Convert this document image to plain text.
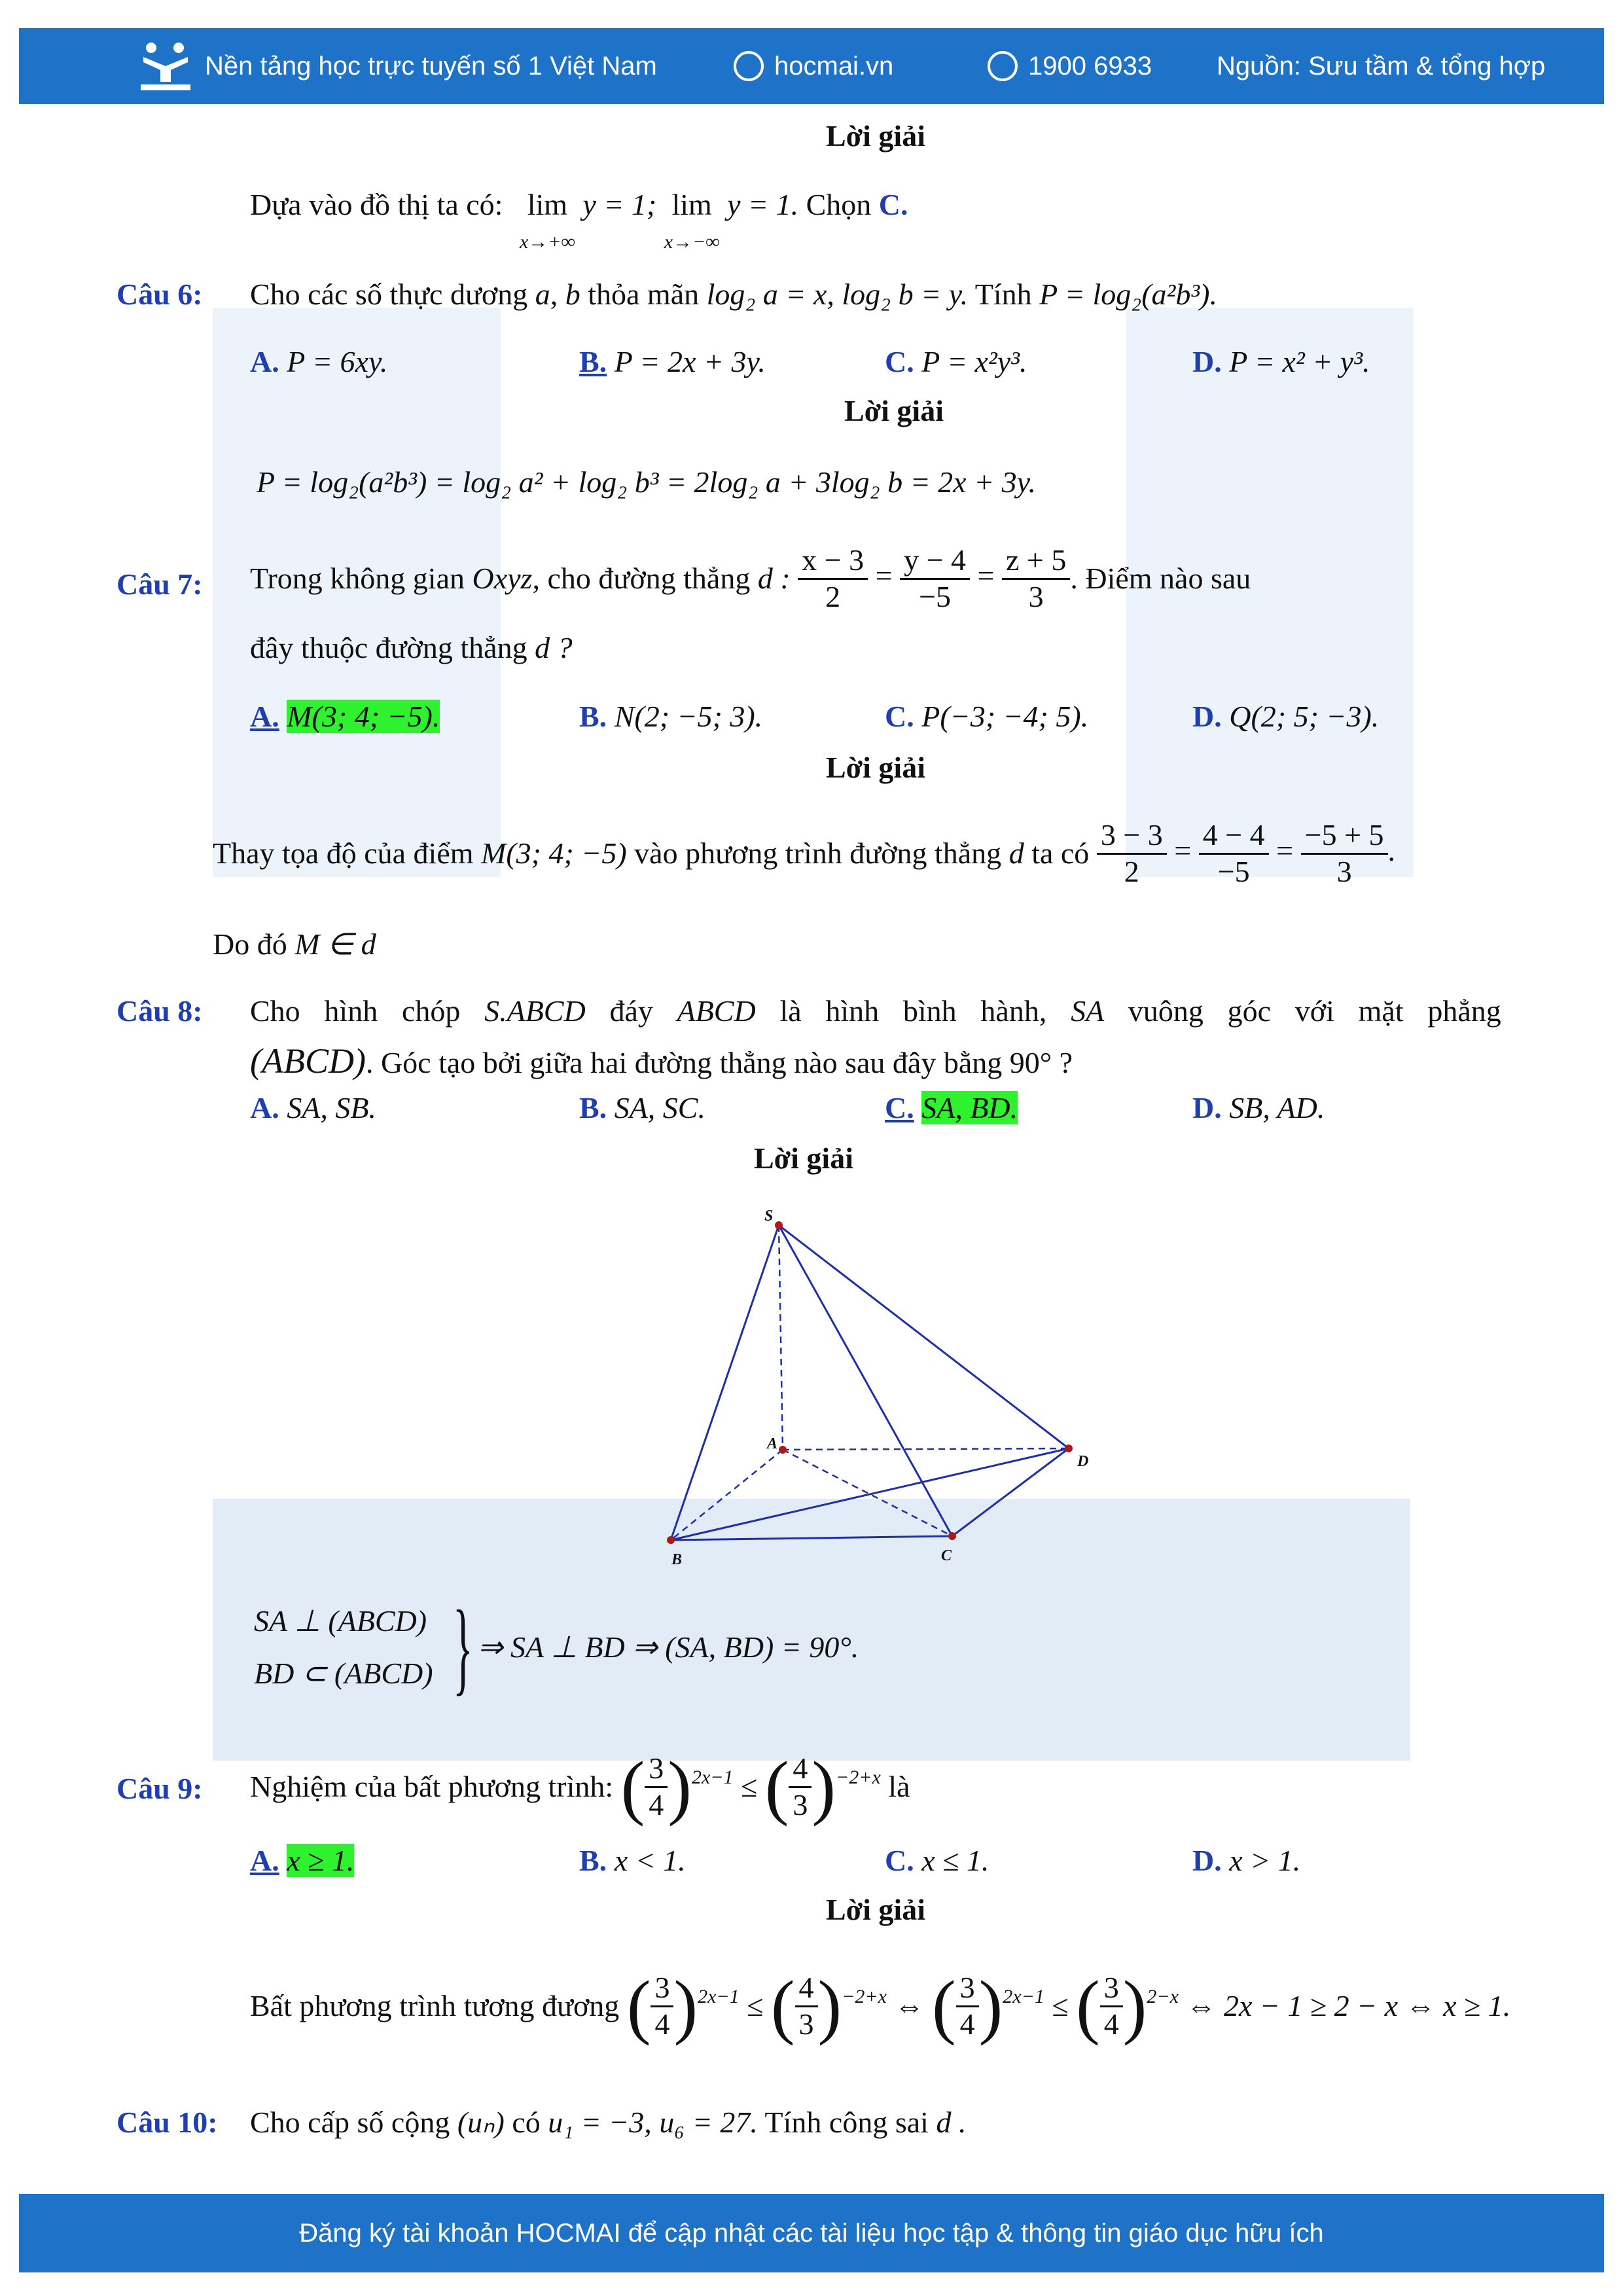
Nền tảng học trực tuyến số 1 Việt Nam	hocmai.vn	1900 6933 Nguồn: Sưu tầm & tổng hợp
Lời giải
Dựa vào đồ thị ta có: lim
x→+∞ y = 1; lim
x→−∞ y = 1. Chọn C.
Câu 6: Cho các số thực dương a, b thỏa mãn log₂ a = x, log₂ b = y. Tính P = log₂(a²b³).
A. P = 6xy.	B. P = 2x + 3y.	C. P = x²y³.	D. P = x² + y³.
Lời giải
P = log₂(a²b³) = log₂ a² + log₂ b³ = 2log₂ a + 3log₂ b = 2x + 3y.
Câu 7: Trong không gian Oxyz, cho đường thẳng d : $\frac{x - 3}{2} = \frac{y - 4}{-5} = \frac{z + 5}{3}$ . Điểm nào sau
đây thuộc đường thẳng d ?
A. M(3; 4; −5).	B. N(2; −5; 3).	C. P(−3; −4; 5).	D. Q(2; 5; −3).
Lời giải
Thay tọa độ của điểm M(3; 4; −5) vào phương trình đường thẳng d ta có $\frac{3 - 3}{2} = \frac{4 - 4}{-5} = \frac{-5 + 5}{3}$ .
Do đó M ∈ d
Câu 8: Cho hình chóp S.ABCD đáy ABCD là hình bình hành, SA vuông góc với mặt phẳng
(ABCD). Góc tạo bởi giữa hai đường thẳng nào sau đây bằng 90° ?
A. SA, SB.	B. SA, SC.	C. SA, BD.	D. SB, AD.
Lời giải
S
A
B	C
D
SA ⊥ (ABCD)
BD ⊂ (ABCD) } ⇒ SA ⊥ BD ⇒ (SA, BD) = 90°.
Câu 9: Nghiệm của bất phương trình: ( $\frac{3}{4} )^{2x-1}$ ≤ ( $\frac{4}{3} )^{-2+x}$ là
A. x ≥ 1.	B. x < 1.	C. x ≤ 1.	D. x > 1.
Lời giải
Bất phương trình tương đương ( $\frac{3}{4} )^{2x-1}$ ≤ ( $\frac{4}{3} )^{-2+x}$ ⇔ ( $\frac{3}{4} )^{2x-1}$ ≤ ( $\frac{3}{4} )^{2-x}$ ⇔ 2x − 1 ≥ 2 − x ⇔ x ≥ 1.
Câu 10: Cho cấp số cộng (uₙ) có u₁ = −3, u₆ = 27. Tính công sai d .
Đăng ký tài khoản HOCMAI để cập nhật các tài liệu học tập & thông tin giáo dục hữu ích
